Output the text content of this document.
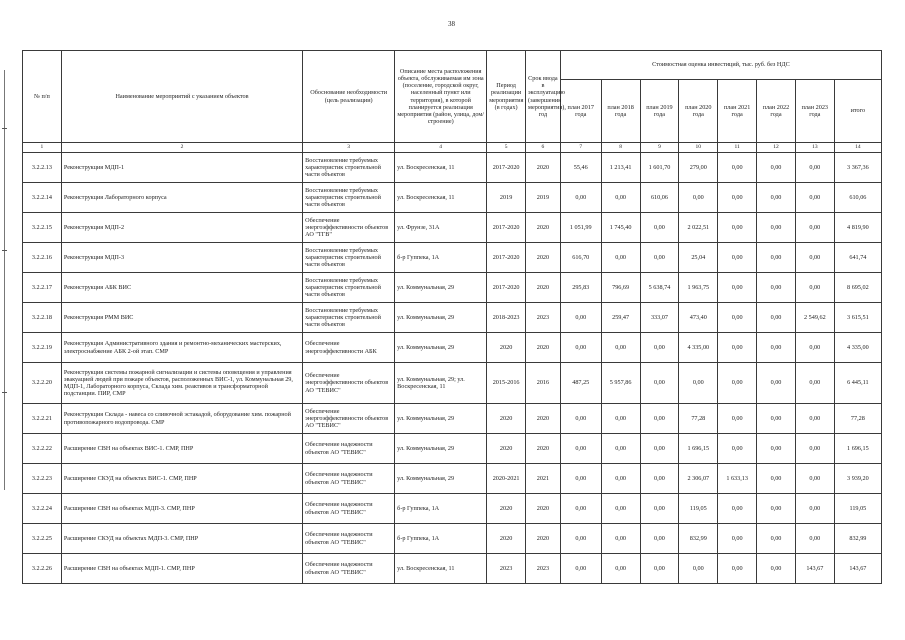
38
№ п/п	Наименование мероприятий с указанием объектов	Обоснование необходимости (цель реализации)	Описание места расположения объекта, обслуживаемая им зона (поселение, городской округ, населенный пункт или территория), в которой планируется реализация мероприятия (район, улица, дом/строение)	Период реализации мероприятия (в годах)	Срок ввода в эксплуатацию (завершения мероприятия), год	Стоимостная оценка инвестиций, тыс. руб. без НДС							
						план 2017 года	план 2018 года	план 2019 года	план 2020 года	план 2021 года	план 2022 года	план 2023 года	итого
1	2	3	4	5	6	7	8	9	10	11	12	13	14
3.2.2.13	Реконструкция МДП-1	Восстановление требуемых характеристик строительной части объектов	ул. Воскресенская, 11	2017-2020	2020	55,46	1 213,41	1 601,70	279,00	0,00	0,00	0,00	3 367,36
3.2.2.14	Реконструкция Лабораторного корпуса	Восстановление требуемых характеристик строительной части объектов	ул. Воскресенская, 11	2019	2019	0,00	0,00	610,06	0,00	0,00	0,00	0,00	610,06
3.2.2.15	Реконструкция МДП-2	Обеспечение энергоэффективности объектов АО "ТГВ"	ул. Фрунзе, 31А	2017-2020	2020	1 051,99	1 745,40	0,00	2 022,51	0,00	0,00	0,00	4 819,90
3.2.2.16	Реконструкция МДП-3	Восстановление требуемых характеристик строительной части объектов	б-р Гуппека, 1А	2017-2020	2020	616,70	0,00	0,00	25,04	0,00	0,00	0,00	641,74
3.2.2.17	Реконструкция АБК ВИС	Восстановление требуемых характеристик строительной части объектов	ул. Коммунальная, 29	2017-2020	2020	295,83	796,69	5 638,74	1 963,75	0,00	0,00	0,00	8 695,02
3.2.2.18	Реконструкция РММ ВИС	Восстановление требуемых характеристик строительной части объектов	ул. Коммунальная, 29	2018-2023	2023	0,00	259,47	333,07	473,40	0,00	0,00	2 549,62	3 615,51
3.2.2.19	Реконструкция Административного здания и ремонтно-механических мастерских, электроснабжение АБК 2-ой этап. СМР	Обеспечение энергоэффективности АБК	ул. Коммунальная, 29	2020	2020	0,00	0,00	0,00	4 335,00	0,00	0,00	0,00	4 335,00
3.2.2.20	Реконструкция системы пожарной сигнализации и системы оповещения и управления эвакуацией людей при пожаре объектов, расположенных ВИС-1, ул. Коммунальная 29, МДП-1, Лабораторного корпуса, Склада хим. реактивов и трансформаторной подстанции. ПИР, СМР	Обеспечение энергоэффективности объектов АО "ТЕВИС"	ул. Коммунальная, 29; ул. Воскресенская, 11	2015-2016	2016	487,25	5 957,86	0,00	0,00	0,00	0,00	0,00	6 445,11
3.2.2.21	Реконструкция Склада - навеса со сливочной эстакадой, оборудование хим. пожарной противопожарного водопровода. СМР	Обеспечение энергоэффективности объектов АО "ТЕВИС"	ул. Коммунальная, 29	2020	2020	0,00	0,00	0,00	77,28	0,00	0,00	0,00	77,28
3.2.2.22	Расширение СВН на объектах ВИС-1. СМР, ПНР	Обеспечение надежности объектов АО "ТЕВИС"	ул. Коммунальная, 29	2020	2020	0,00	0,00	0,00	1 696,15	0,00	0,00	0,00	1 696,15
3.2.2.23	Расширение СКУД на объектах ВИС-1. СМР, ПНР	Обеспечение надежности объектов АО "ТЕВИС"	ул. Коммунальная, 29	2020-2021	2021	0,00	0,00	0,00	2 306,07	1 633,13	0,00	0,00	3 939,20
3.2.2.24	Расширение СВН на объектах МДП-3. СМР, ПНР	Обеспечение надежности объектов АО "ТЕВИС"	б-р Гуппека, 1А	2020	2020	0,00	0,00	0,00	119,05	0,00	0,00	0,00	119,05
3.2.2.25	Расширение СКУД на объектах МДП-3. СМР, ПНР	Обеспечение надежности объектов АО "ТЕВИС"	б-р Гуппека, 1А	2020	2020	0,00	0,00	0,00	832,99	0,00	0,00	0,00	832,99
3.2.2.26	Расширение СВН на объектах МДП-1. СМР, ПНР	Обеспечение надежности объектов АО "ТЕВИС"	ул. Воскресенская, 11	2023	2023	0,00	0,00	0,00	0,00	0,00	0,00	143,67	143,67
